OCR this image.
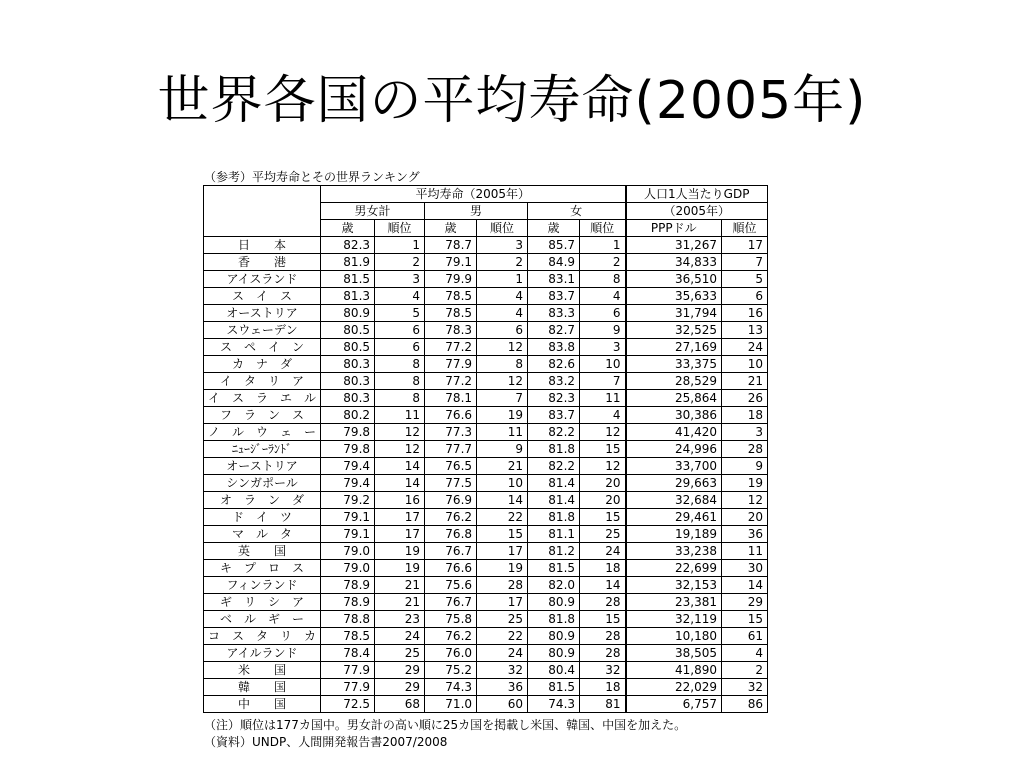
世界各国の平均寿命(2005年)
（参考）平均寿命とその世界ランキング
	平均寿命（2005年）						人口1人当たりGDP	
	男女計		男		女		（2005年）	
	歳	順位	歳	順位	歳	順位	PPPドル	順位
日　　本	82.3	1	78.7	3	85.7	1	31,267	17
香　　港	81.9	2	79.1	2	84.9	2	34,833	7
アイスランド	81.5	3	79.9	1	83.1	8	36,510	5
ス　イ　ス	81.3	4	78.5	4	83.7	4	35,633	6
オーストリア	80.9	5	78.5	4	83.3	6	31,794	16
スウェーデン	80.5	6	78.3	6	82.7	9	32,525	13
ス　ペ　イ　ン	80.5	6	77.2	12	83.8	3	27,169	24
カ　ナ　ダ	80.3	8	77.9	8	82.6	10	33,375	10
イ　タ　リ　ア	80.3	8	77.2	12	83.2	7	28,529	21
イ　ス　ラ　エ　ル	80.3	8	78.1	7	82.3	11	25,864	26
フ　ラ　ン　ス	80.2	11	76.6	19	83.7	4	30,386	18
ノ　ル　ウ　ェ　ー	79.8	12	77.3	11	82.2	12	41,420	3
ﾆｭｰｼﾞｰﾗﾝﾄﾞ	79.8	12	77.7	9	81.8	15	24,996	28
オーストリア	79.4	14	76.5	21	82.2	12	33,700	9
シンガポール	79.4	14	77.5	10	81.4	20	29,663	19
オ　ラ　ン　ダ	79.2	16	76.9	14	81.4	20	32,684	12
ド　イ　ツ	79.1	17	76.2	22	81.8	15	29,461	20
マ　ル　タ	79.1	17	76.8	15	81.1	25	19,189	36
英　　国	79.0	19	76.7	17	81.2	24	33,238	11
キ　プ　ロ　ス	79.0	19	76.6	19	81.5	18	22,699	30
フィンランド	78.9	21	75.6	28	82.0	14	32,153	14
ギ　リ　シ　ア	78.9	21	76.7	17	80.9	28	23,381	29
ベ　ル　ギ　ー	78.8	23	75.8	25	81.8	15	32,119	15
コ　ス　タ　リ　カ	78.5	24	76.2	22	80.9	28	10,180	61
アイルランド	78.4	25	76.0	24	80.9	28	38,505	4
米　　国	77.9	29	75.2	32	80.4	32	41,890	2
韓　　国	77.9	29	74.3	36	81.5	18	22,029	32
中　　国	72.5	68	71.0	60	74.3	81	6,757	86
（注）順位は177カ国中。男女計の高い順に25カ国を掲載し米国、韓国、中国を加えた。
（資料）UNDP、人間開発報告書2007/2008
